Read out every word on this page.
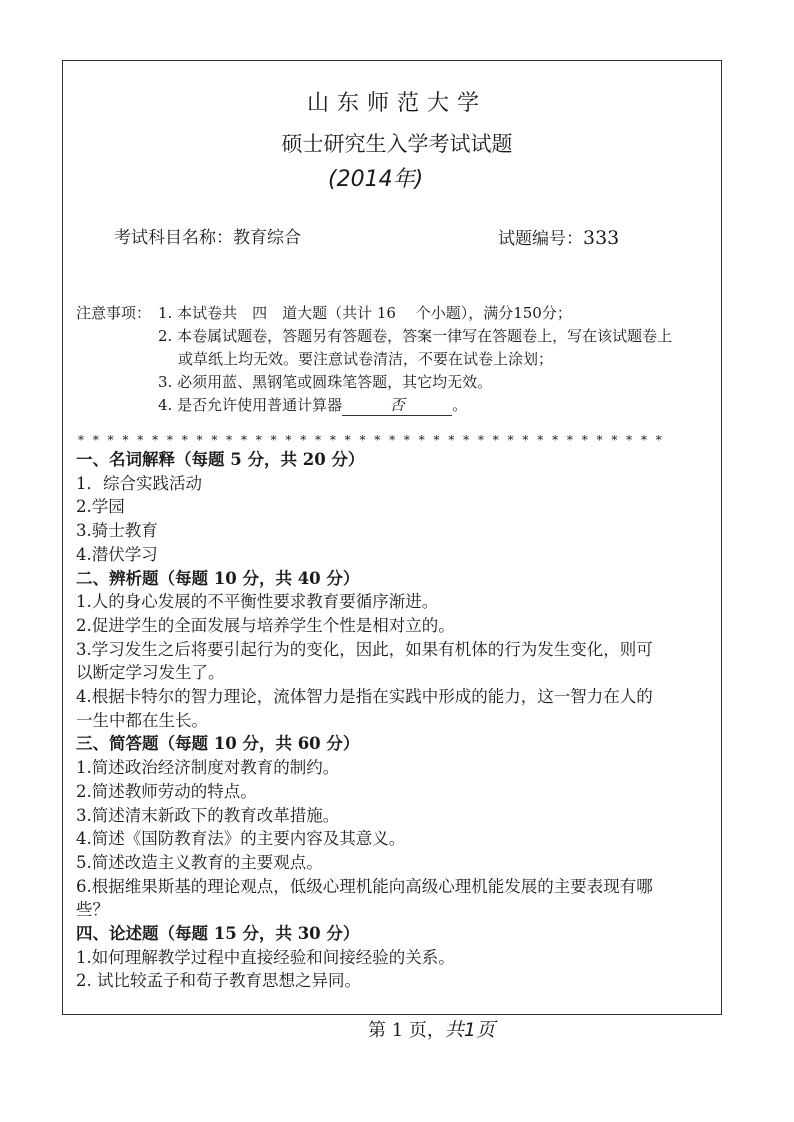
山东师范大学
硕士研究生入学考试试题
(2014年)
考试科目名称：教育综合	试题编号：333
注意事项： 1. 本试卷共　四　道大题（共计 16　 个小题），满分150分；
2. 本卷属试题卷，答题另有答题卷，答案一律写在答题卷上，写在该试题卷上
或草纸上均无效。要注意试卷清洁，不要在试卷上涂划；
3. 必须用蓝、黑钢笔或圆珠笔答题，其它均无效。
4. 是否允许使用普通计算器	否	。
* * * * * * * * * * * * * * * * * * * * * * * * * * * * * * * * * * * * * * * *
一、名词解释（每题 5 分，共 20 分）
1．综合实践活动
2.学园
3.骑士教育
4.潜伏学习
二、辨析题（每题 10 分，共 40 分）
1.人的身心发展的不平衡性要求教育要循序渐进。
2.促进学生的全面发展与培养学生个性是相对立的。
3.学习发生之后将要引起行为的变化，因此，如果有机体的行为发生变化，则可
以断定学习发生了。
4.根据卡特尔的智力理论，流体智力是指在实践中形成的能力，这一智力在人的
一生中都在生长。
三、简答题（每题 10 分，共 60 分）
1.简述政治经济制度对教育的制约。
2.简述教师劳动的特点。
3.简述清末新政下的教育改革措施。
4.简述《国防教育法》的主要内容及其意义。
5.简述改造主义教育的主要观点。
6.根据维果斯基的理论观点，低级心理机能向高级心理机能发展的主要表现有哪
些？
四、论述题（每题 15 分，共 30 分）
1.如何理解教学过程中直接经验和间接经验的关系。
2. 试比较孟子和荀子教育思想之异同。
第 1 页，共1页
